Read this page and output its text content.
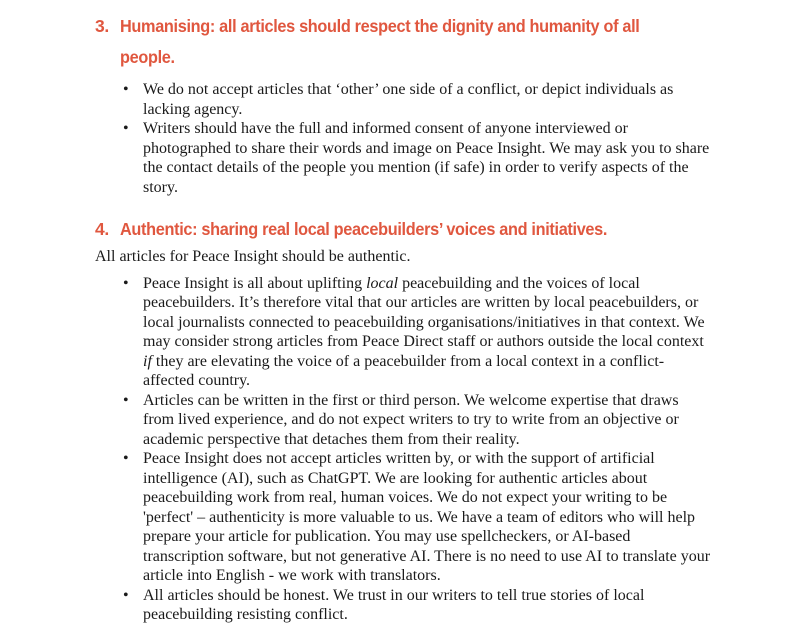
3. Humanising: all articles should respect the dignity and humanity of all people.
• We do not accept articles that ‘other’ one side of a conflict, or depict individuals as lacking agency.
• Writers should have the full and informed consent of anyone interviewed or photographed to share their words and image on Peace Insight. We may ask you to share the contact details of the people you mention (if safe) in order to verify aspects of the story.
4. Authentic: sharing real local peacebuilders’ voices and initiatives.

All articles for Peace Insight should be authentic.

• Peace Insight is all about uplifting local peacebuilding and the voices of local peacebuilders. It’s therefore vital that our articles are written by local peacebuilders, or local journalists connected to peacebuilding organisations/initiatives in that context. We may consider strong articles from Peace Direct staff or authors outside the local context if they are elevating the voice of a peacebuilder from a local context in a conflict-affected country.
• Articles can be written in the first or third person. We welcome expertise that draws from lived experience, and do not expect writers to try to write from an objective or academic perspective that detaches them from their reality.
• Peace Insight does not accept articles written by, or with the support of artificial intelligence (AI), such as ChatGPT. We are looking for authentic articles about peacebuilding work from real, human voices. We do not expect your writing to be 'perfect' – authenticity is more valuable to us. We have a team of editors who will help prepare your article for publication. You may use spellcheckers, or AI-based transcription software, but not generative AI. There is no need to use AI to translate your article into English - we work with translators.
• All articles should be honest. We trust in our writers to tell true stories of local peacebuilding resisting conflict.
